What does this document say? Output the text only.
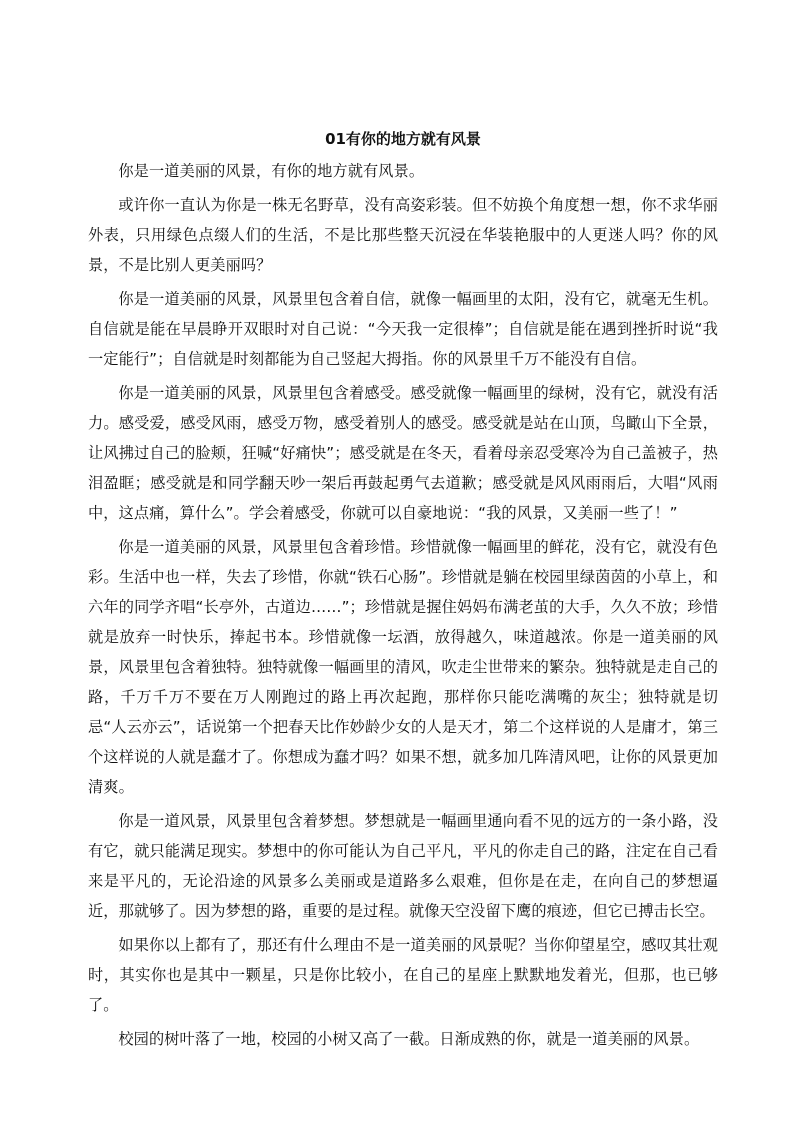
01有你的地方就有风景

你是一道美丽的风景，有你的地方就有风景。

或许你一直认为你是一株无名野草，没有高姿彩装。但不妨换个角度想一想，你不求华丽外表，只用绿色点缀人们的生活，不是比那些整天沉浸在华装艳服中的人更迷人吗？你的风景，不是比别人更美丽吗？

你是一道美丽的风景，风景里包含着自信，就像一幅画里的太阳，没有它，就毫无生机。自信就是能在早晨睁开双眼时对自己说：“今天我一定很棒”；自信就是能在遇到挫折时说“我一定能行”；自信就是时刻都能为自己竖起大拇指。你的风景里千万不能没有自信。

你是一道美丽的风景，风景里包含着感受。感受就像一幅画里的绿树，没有它，就没有活力。感受爱，感受风雨，感受万物，感受着别人的感受。感受就是站在山顶，鸟瞰山下全景，让风拂过自己的脸颊，狂喊“好痛快”；感受就是在冬天，看着母亲忍受寒冷为自己盖被子，热泪盈眶；感受就是和同学翻天吵一架后再鼓起勇气去道歉；感受就是风风雨雨后，大唱“风雨中，这点痛，算什么”。学会着感受，你就可以自豪地说：“我的风景，又美丽一些了！”

你是一道美丽的风景，风景里包含着珍惜。珍惜就像一幅画里的鲜花，没有它，就没有色彩。生活中也一样，失去了珍惜，你就“铁石心肠”。珍惜就是躺在校园里绿茵茵的小草上，和六年的同学齐唱“长亭外，古道边……”；珍惜就是握住妈妈布满老茧的大手，久久不放；珍惜就是放弃一时快乐，捧起书本。珍惜就像一坛酒，放得越久，味道越浓。你是一道美丽的风景，风景里包含着独特。独特就像一幅画里的清风，吹走尘世带来的繁杂。独特就是走自己的路，千万千万不要在万人刚跑过的路上再次起跑，那样你只能吃满嘴的灰尘；独特就是切忌“人云亦云”，话说第一个把春天比作妙龄少女的人是天才，第二个这样说的人是庸才，第三个这样说的人就是蠢才了。你想成为蠢才吗？如果不想，就多加几阵清风吧，让你的风景更加清爽。

你是一道风景，风景里包含着梦想。梦想就是一幅画里通向看不见的远方的一条小路，没有它，就只能满足现实。梦想中的你可能认为自己平凡，平凡的你走自己的路，注定在自己看来是平凡的，无论沿途的风景多么美丽或是道路多么艰难，但你是在走，在向自己的梦想逼近，那就够了。因为梦想的路，重要的是过程。就像天空没留下鹰的痕迹，但它已搏击长空。

如果你以上都有了，那还有什么理由不是一道美丽的风景呢？当你仰望星空，感叹其壮观时，其实你也是其中一颗星，只是你比较小，在自己的星座上默默地发着光，但那，也已够了。

校园的树叶落了一地，校园的小树又高了一截。日渐成熟的你，就是一道美丽的风景。
